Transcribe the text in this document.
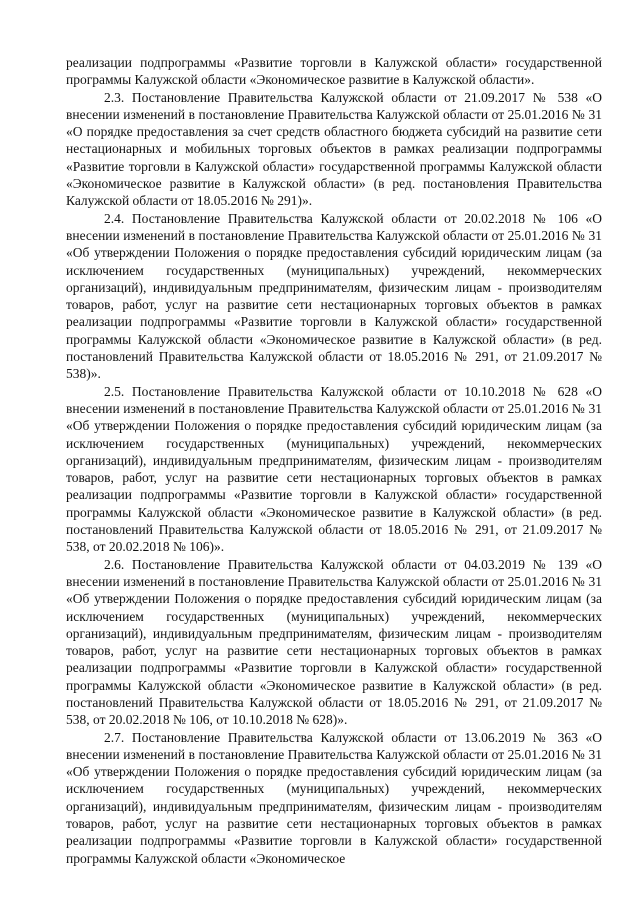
реализации подпрограммы «Развитие торговли в Калужской области» государственной программы Калужской области «Экономическое развитие в Калужской области».

2.3. Постановление Правительства Калужской области от 21.09.2017 № 538 «О внесении изменений в постановление Правительства Калужской области от 25.01.2016 № 31 «О порядке предоставления за счет средств областного бюджета субсидий на развитие сети нестационарных и мобильных торговых объектов в рамках реализации подпрограммы «Развитие торговли в Калужской области» государственной программы Калужской области «Экономическое развитие в Калужской области» (в ред. постановления Правительства Калужской области от 18.05.2016 № 291)».

2.4. Постановление Правительства Калужской области от 20.02.2018 № 106 «О внесении изменений в постановление Правительства Калужской области от 25.01.2016 № 31 «Об утверждении Положения о порядке предоставления субсидий юридическим лицам (за исключением государственных (муниципальных) учреждений, некоммерческих организаций), индивидуальным предпринимателям, физическим лицам - производителям товаров, работ, услуг на развитие сети нестационарных торговых объектов в рамках реализации подпрограммы «Развитие торговли в Калужской области» государственной программы Калужской области «Экономическое развитие в Калужской области» (в ред. постановлений Правительства Калужской области от 18.05.2016 № 291, от 21.09.2017 № 538)».

2.5. Постановление Правительства Калужской области от 10.10.2018 № 628 «О внесении изменений в постановление Правительства Калужской области от 25.01.2016 № 31 «Об утверждении Положения о порядке предоставления субсидий юридическим лицам (за исключением государственных (муниципальных) учреждений, некоммерческих организаций), индивидуальным предпринимателям, физическим лицам - производителям товаров, работ, услуг на развитие сети нестационарных торговых объектов в рамках реализации подпрограммы «Развитие торговли в Калужской области» государственной программы Калужской области «Экономическое развитие в Калужской области» (в ред. постановлений Правительства Калужской области от 18.05.2016 № 291, от 21.09.2017 № 538, от 20.02.2018 № 106)».

2.6. Постановление Правительства Калужской области от 04.03.2019 № 139 «О внесении изменений в постановление Правительства Калужской области от 25.01.2016 № 31 «Об утверждении Положения о порядке предоставления субсидий юридическим лицам (за исключением государственных (муниципальных) учреждений, некоммерческих организаций), индивидуальным предпринимателям, физическим лицам - производителям товаров, работ, услуг на развитие сети нестационарных торговых объектов в рамках реализации подпрограммы «Развитие торговли в Калужской области» государственной программы Калужской области «Экономическое развитие в Калужской области» (в ред. постановлений Правительства Калужской области от 18.05.2016 № 291, от 21.09.2017 № 538, от 20.02.2018 № 106, от 10.10.2018 № 628)».

2.7. Постановление Правительства Калужской области от 13.06.2019 № 363 «О внесении изменений в постановление Правительства Калужской области от 25.01.2016 № 31 «Об утверждении Положения о порядке предоставления субсидий юридическим лицам (за исключением государственных (муниципальных) учреждений, некоммерческих организаций), индивидуальным предпринимателям, физическим лицам - производителям товаров, работ, услуг на развитие сети нестационарных торговых объектов в рамках реализации подпрограммы «Развитие торговли в Калужской области» государственной программы Калужской области «Экономическое
